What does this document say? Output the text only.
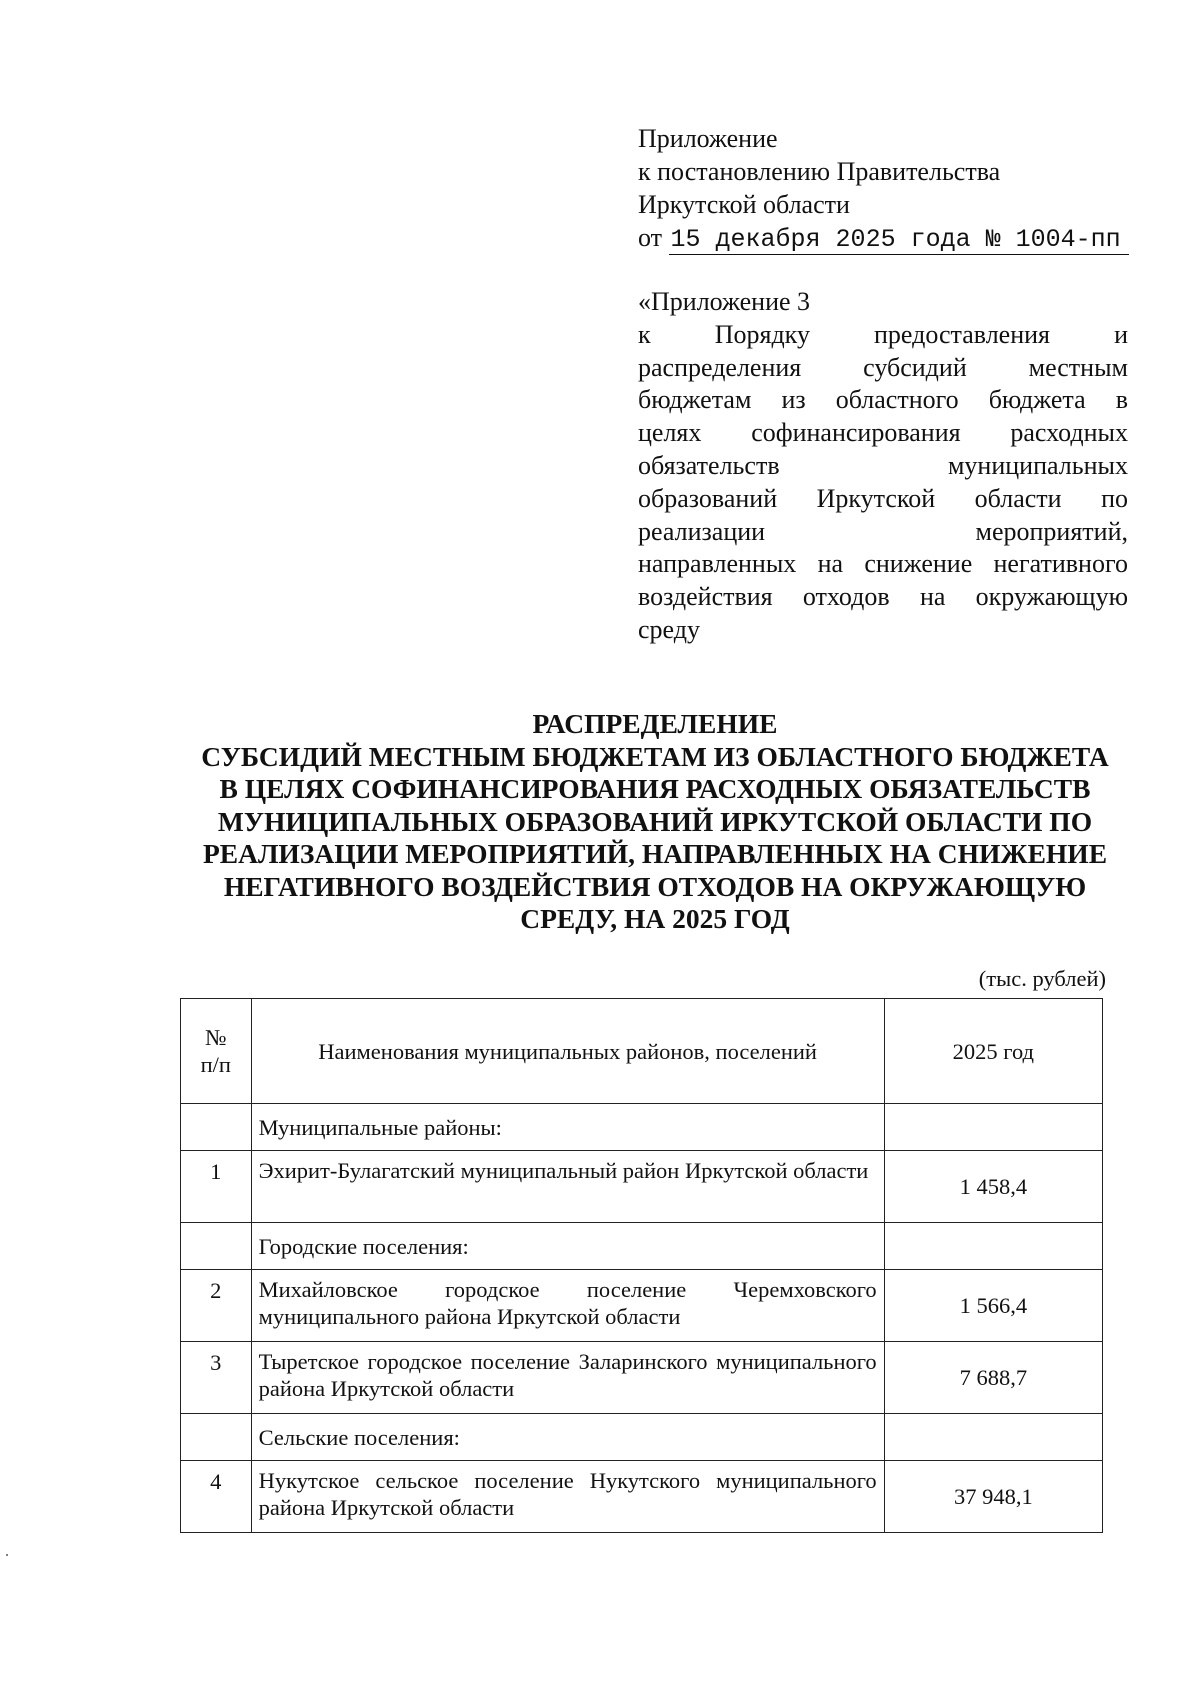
Приложение
к постановлению Правительства
Иркутской области
от 15 декабря 2025 года № 1004-пп
«Приложение 3
к Порядку предоставления и
распределения субсидий местным
бюджетам из областного бюджета в
целях софинансирования расходных
обязательств муниципальных
образований Иркутской области по
реализации мероприятий,
направленных на снижение негативного
воздействия отходов на окружающую
среду
РАСПРЕДЕЛЕНИЕ
СУБСИДИЙ МЕСТНЫМ БЮДЖЕТАМ ИЗ ОБЛАСТНОГО БЮДЖЕТА
В ЦЕЛЯХ СОФИНАНСИРОВАНИЯ РАСХОДНЫХ ОБЯЗАТЕЛЬСТВ
МУНИЦИПАЛЬНЫХ ОБРАЗОВАНИЙ ИРКУТСКОЙ ОБЛАСТИ ПО
РЕАЛИЗАЦИИ МЕРОПРИЯТИЙ, НАПРАВЛЕННЫХ НА СНИЖЕНИЕ
НЕГАТИВНОГО ВОЗДЕЙСТВИЯ ОТХОДОВ НА ОКРУЖАЮЩУЮ
СРЕДУ, НА 2025 ГОД
(тыс. рублей)
№
п/п	Наименования муниципальных районов, поселений	2025 год
	Муниципальные районы:	
1	Эхирит-Булагатский муниципальный район Иркутской области	1 458,4
	Городские поселения:	
2	Михайловское городское поселение Черемховского муниципального района Иркутской области	1 566,4
3	Тыретское городское поселение Заларинского муниципального района Иркутской области	7 688,7
	Сельские поселения:	
4	Нукутское сельское поселение Нукутского муниципального района Иркутской области	37 948,1
